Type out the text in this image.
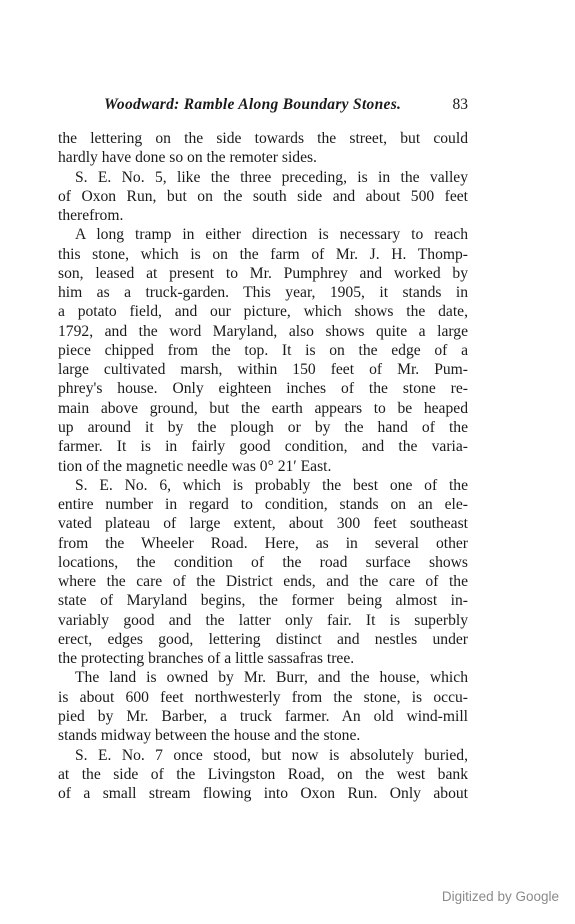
Woodward: Ramble Along Boundary Stones.	83
the lettering on the side towards the street, but could
hardly have done so on the remoter sides.
S. E. No. 5, like the three preceding, is in the valley
of Oxon Run, but on the south side and about 500 feet
therefrom.
A long tramp in either direction is necessary to reach
this stone, which is on the farm of Mr. J. H. Thomp-
son, leased at present to Mr. Pumphrey and worked by
him as a truck-garden. This year, 1905, it stands in
a potato field, and our picture, which shows the date,
1792, and the word Maryland, also shows quite a large
piece chipped from the top. It is on the edge of a
large cultivated marsh, within 150 feet of Mr. Pum-
phrey's house. Only eighteen inches of the stone re-
main above ground, but the earth appears to be heaped
up around it by the plough or by the hand of the
farmer. It is in fairly good condition, and the varia-
tion of the magnetic needle was 0° 21′ East.
S. E. No. 6, which is probably the best one of the
entire number in regard to condition, stands on an ele-
vated plateau of large extent, about 300 feet southeast
from the Wheeler Road. Here, as in several other
locations, the condition of the road surface shows
where the care of the District ends, and the care of the
state of Maryland begins, the former being almost in-
variably good and the latter only fair. It is superbly
erect, edges good, lettering distinct and nestles under
the protecting branches of a little sassafras tree.
The land is owned by Mr. Burr, and the house, which
is about 600 feet northwesterly from the stone, is occu-
pied by Mr. Barber, a truck farmer. An old wind-mill
stands midway between the house and the stone.
S. E. No. 7 once stood, but now is absolutely buried,
at the side of the Livingston Road, on the west bank
of a small stream flowing into Oxon Run. Only about
Digitized by Google
